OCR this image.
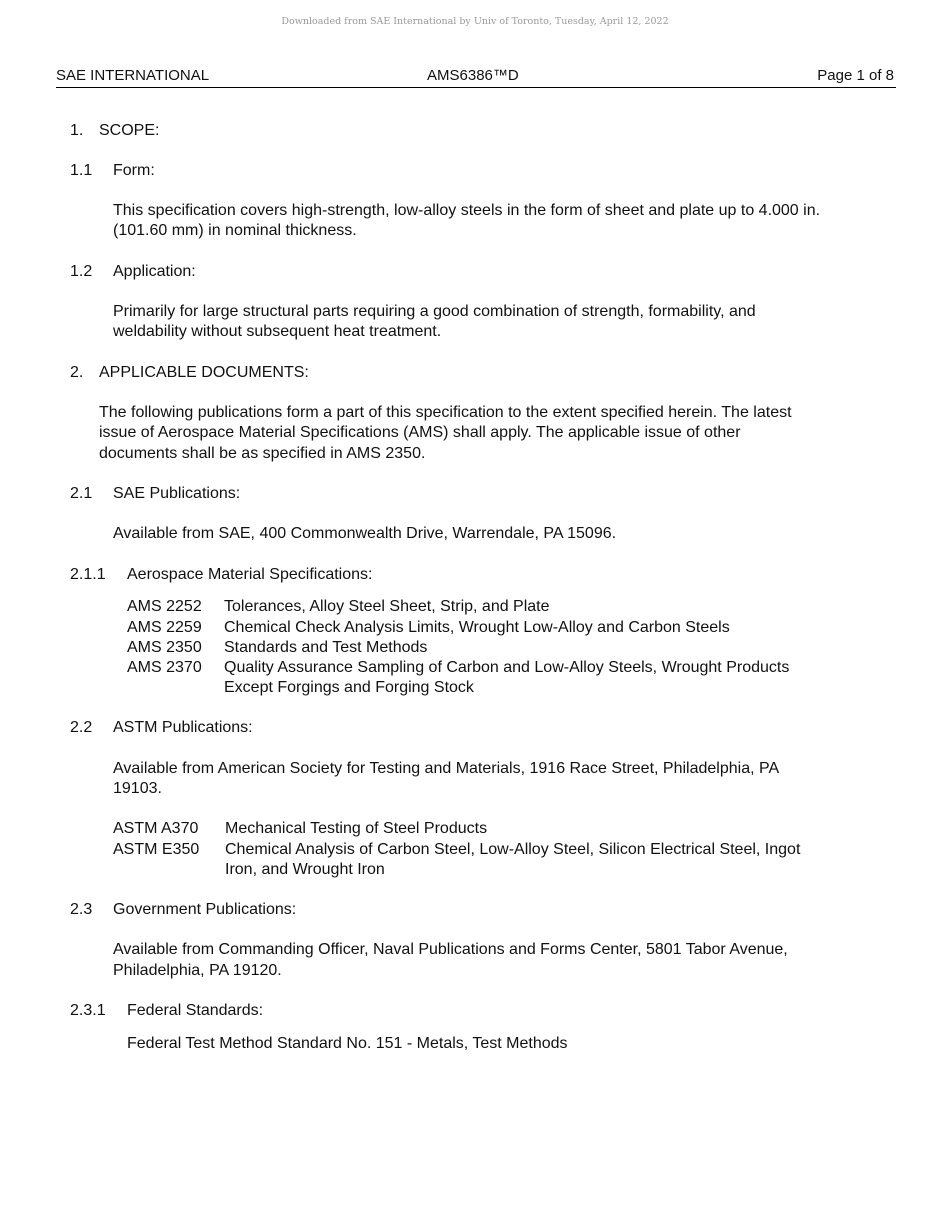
Downloaded from SAE International by Univ of Toronto, Tuesday, April 12, 2022
SAE INTERNATIONAL	AMS6386™D	Page 1 of 8
1. SCOPE:
1.1 Form:
This specification covers high-strength, low-alloy steels in the form of sheet and plate up to 4.000 in.
(101.60 mm) in nominal thickness.
1.2 Application:
Primarily for large structural parts requiring a good combination of strength, formability, and
weldability without subsequent heat treatment.
2. APPLICABLE DOCUMENTS:
The following publications form a part of this specification to the extent specified herein. The latest
issue of Aerospace Material Specifications (AMS) shall apply. The applicable issue of other
documents shall be as specified in AMS 2350.
2.1 SAE Publications:
Available from SAE, 400 Commonwealth Drive, Warrendale, PA 15096.
2.1.1 Aerospace Material Specifications:
AMS 2252 Tolerances, Alloy Steel Sheet, Strip, and Plate
AMS 2259 Chemical Check Analysis Limits, Wrought Low-Alloy and Carbon Steels
AMS 2350 Standards and Test Methods
AMS 2370 Quality Assurance Sampling of Carbon and Low-Alloy Steels, Wrought Products
Except Forgings and Forging Stock
2.2 ASTM Publications:
Available from American Society for Testing and Materials, 1916 Race Street, Philadelphia, PA
19103.
ASTM A370 Mechanical Testing of Steel Products
ASTM E350 Chemical Analysis of Carbon Steel, Low-Alloy Steel, Silicon Electrical Steel, Ingot
Iron, and Wrought Iron
2.3 Government Publications:
Available from Commanding Officer, Naval Publications and Forms Center, 5801 Tabor Avenue,
Philadelphia, PA 19120.
2.3.1 Federal Standards:
Federal Test Method Standard No. 151 - Metals, Test Methods
